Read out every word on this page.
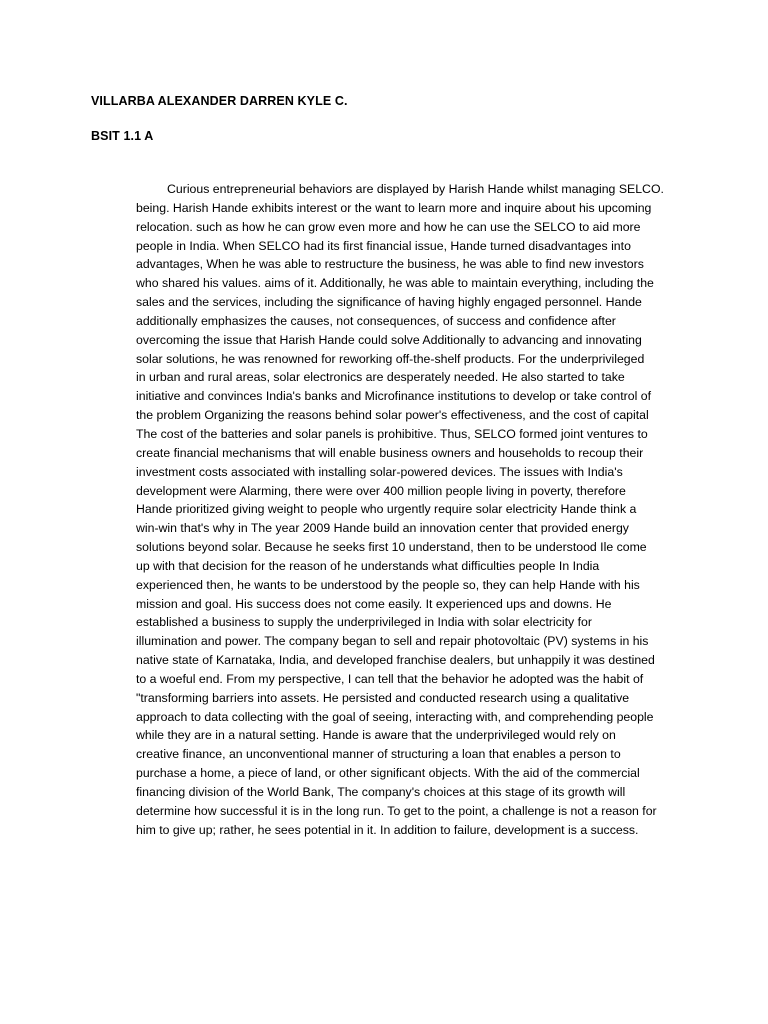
VILLARBA ALEXANDER DARREN KYLE C.
BSIT 1.1 A
Curious entrepreneurial behaviors are displayed by Harish Hande whilst managing SELCO.
being. Harish Hande exhibits interest or the want to learn more and inquire about his upcoming
relocation. such as how he can grow even more and how he can use the SELCO to aid more
people in India. When SELCO had its first financial issue, Hande turned disadvantages into
advantages, When he was able to restructure the business, he was able to find new investors
who shared his values. aims of it. Additionally, he was able to maintain everything, including the
sales and the services, including the significance of having highly engaged personnel. Hande
additionally emphasizes the causes, not consequences, of success and confidence after
overcoming the issue that Harish Hande could solve Additionally to advancing and innovating
solar solutions, he was renowned for reworking off-the-shelf products. For the underprivileged
in urban and rural areas, solar electronics are desperately needed. He also started to take
initiative and convinces India's banks and Microfinance institutions to develop or take control of
the problem Organizing the reasons behind solar power's effectiveness, and the cost of capital
The cost of the batteries and solar panels is prohibitive. Thus, SELCO formed joint ventures to
create financial mechanisms that will enable business owners and households to recoup their
investment costs associated with installing solar-powered devices. The issues with India's
development were Alarming, there were over 400 million people living in poverty, therefore
Hande prioritized giving weight to people who urgently require solar electricity Hande think a
win-win that's why in The year 2009 Hande build an innovation center that provided energy
solutions beyond solar. Because he seeks first 10 understand, then to be understood Ile come
up with that decision for the reason of he understands what difficulties people In India
experienced then, he wants to be understood by the people so, they can help Hande with his
mission and goal. His success does not come easily. It experienced ups and downs. He
established a business to supply the underprivileged in India with solar electricity for
illumination and power. The company began to sell and repair photovoltaic (PV) systems in his
native state of Karnataka, India, and developed franchise dealers, but unhappily it was destined
to a woeful end. From my perspective, I can tell that the behavior he adopted was the habit of
"transforming barriers into assets. He persisted and conducted research using a qualitative
approach to data collecting with the goal of seeing, interacting with, and comprehending people
while they are in a natural setting. Hande is aware that the underprivileged would rely on
creative finance, an unconventional manner of structuring a loan that enables a person to
purchase a home, a piece of land, or other significant objects. With the aid of the commercial
financing division of the World Bank, The company's choices at this stage of its growth will
determine how successful it is in the long run. To get to the point, a challenge is not a reason for
him to give up; rather, he sees potential in it. In addition to failure, development is a success.
